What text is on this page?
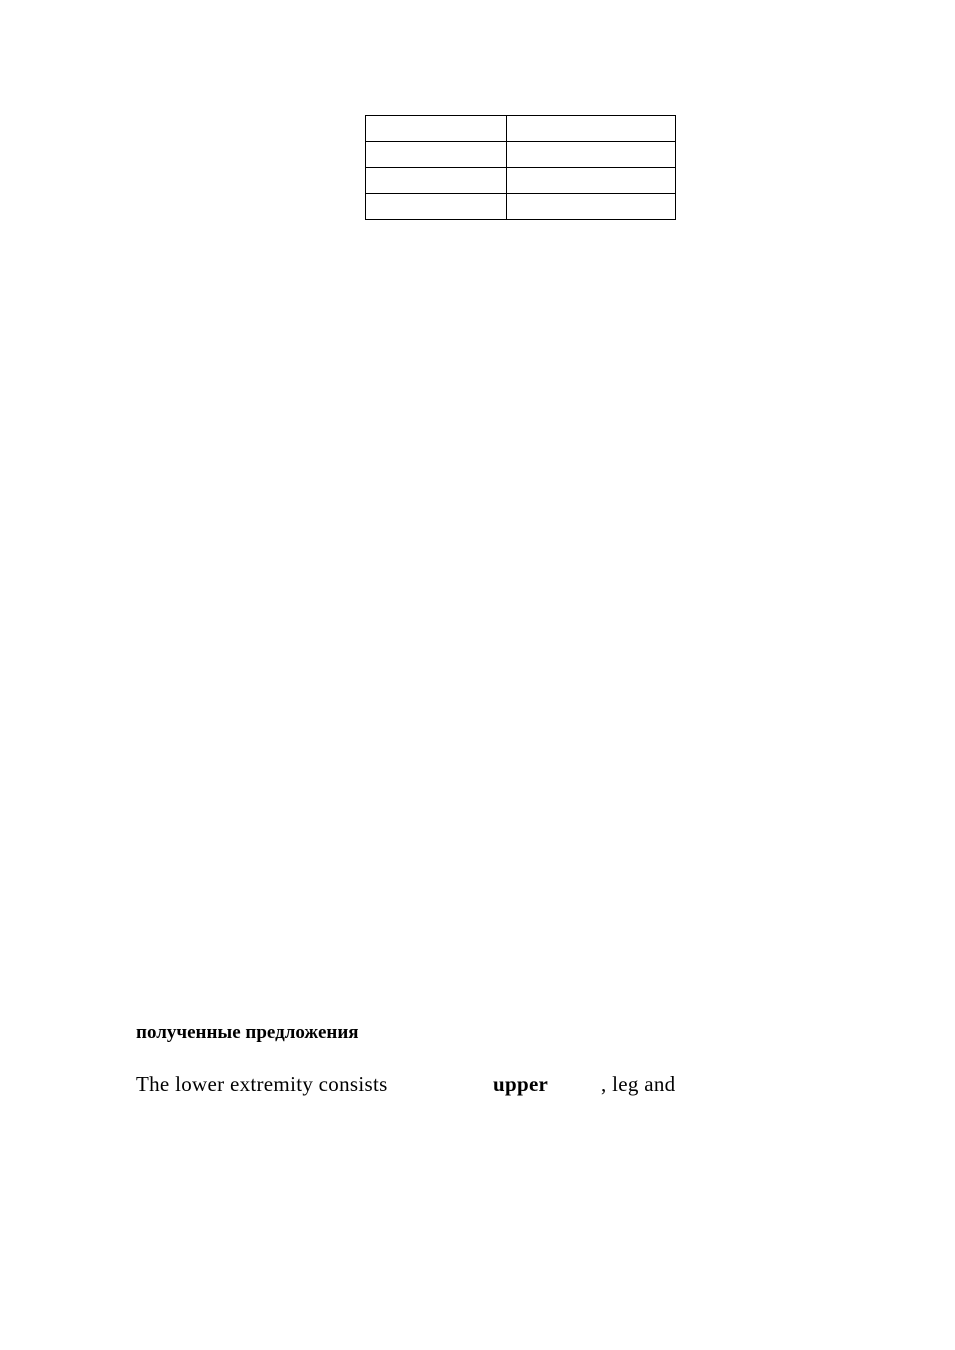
полученные предложения
The lower extremity consists	upper	, leg and
